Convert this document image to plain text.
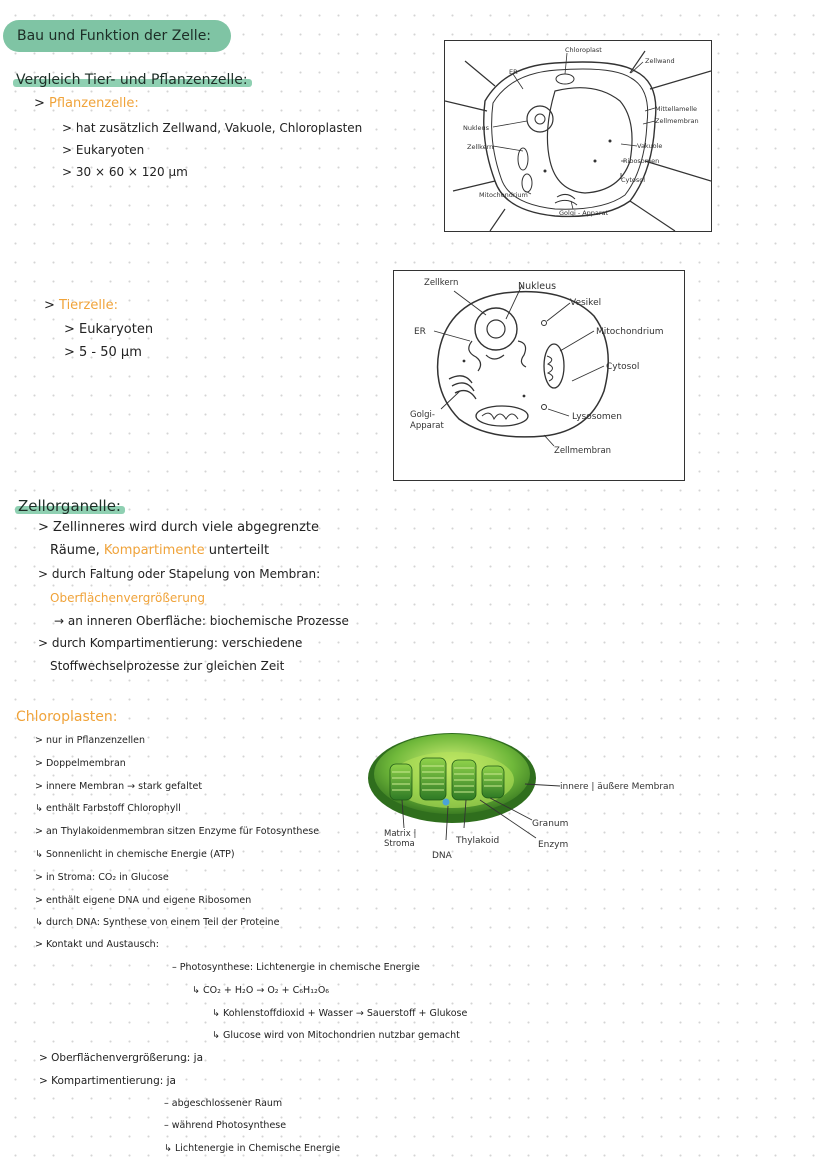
Bau und Funktion der Zelle:
Vergleich Tier- und Pflanzenzelle:
> Pflanzenzelle:
> hat zusätzlich Zellwand, Vakuole, Chloroplasten
> Eukaryoten
> 30 × 60 × 120 µm
Chloroplast
Zellwand
ER
Mittellamelle
Zellmembran
Nukleus
Vakuole
Zellkern
Ribosomen
Cytosol
Mitochondrium
Golgi - Apparat
> Tierzelle:
> Eukaryoten
> 5 - 50 µm
Zellkern	Nukleus
Vesikel
ER	Mitochondrium
Cytosol
Golgi-
Apparat
Lysosomen
Zellmembran
Zellorganelle:
> Zellinneres wird durch viele abgegrenzte
Räume, Kompartimente unterteilt
> durch Faltung oder Stapelung von Membran:
Oberflächenvergrößerung
→ an inneren Oberfläche: biochemische Prozesse
> durch Kompartimentierung: verschiedene
Stoffwechselprozesse zur gleichen Zeit
Chloroplasten:
> nur in Pflanzenzellen
> Doppelmembran
> innere Membran → stark gefaltet
↳ enthält Farbstoff Chlorophyll
> an Thylakoidenmembran sitzen Enzyme für Fotosynthese
↳ Sonnenlicht in chemische Energie (ATP)
> in Stroma: CO₂ in Glucose
> enthält eigene DNA und eigene Ribosomen
↳ durch DNA: Synthese von einem Teil der Proteine
> Kontakt und Austausch:
– Photosynthese: Lichtenergie in chemische Energie
↳ CO₂ + H₂O → O₂ + C₆H₁₂O₆
↳ Kohlenstoffdioxid + Wasser → Sauerstoff + Glukose
↳ Glucose wird von Mitochondrien nutzbar gemacht
> Oberflächenvergrößerung: ja
> Kompartimentierung: ja
– abgeschlossener Raum
– während Photosynthese
↳ Lichtenergie in Chemische Energie
innere | äußere Membran
Granum
Enzym
Thylakoid
Matrix |
Stroma
DNA
